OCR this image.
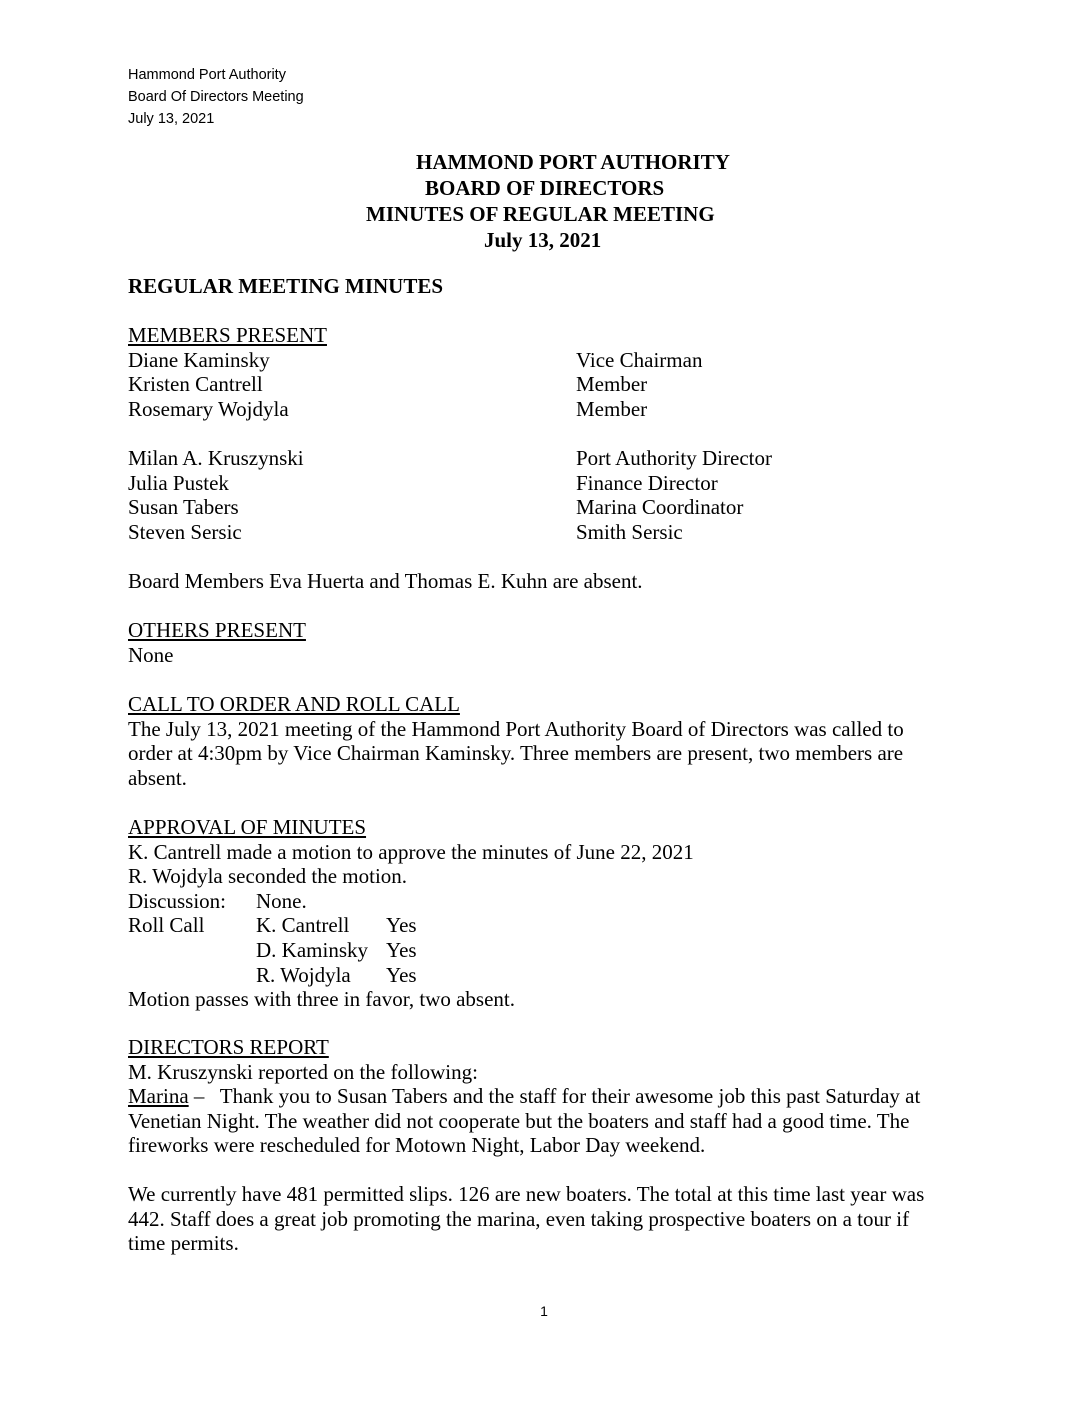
Hammond Port Authority
Board Of Directors Meeting
July 13, 2021
HAMMOND PORT AUTHORITY
BOARD OF DIRECTORS
MINUTES OF REGULAR MEETING
July 13, 2021
REGULAR MEETING MINUTES
MEMBERS PRESENT
Diane Kaminsky	Vice Chairman
Kristen Cantrell	Member
Rosemary Wojdyla	Member
Milan A. Kruszynski	Port Authority Director
Julia Pustek	Finance Director
Susan Tabers	Marina Coordinator
Steven Sersic	Smith Sersic
Board Members Eva Huerta and Thomas E. Kuhn are absent.
OTHERS PRESENT
None
CALL TO ORDER AND ROLL CALL
The July 13, 2021 meeting of the Hammond Port Authority Board of Directors was called to
order at 4:30pm by Vice Chairman Kaminsky. Three members are present, two members are
absent.
APPROVAL OF MINUTES
K. Cantrell made a motion to approve the minutes of June 22, 2021
R. Wojdyla seconded the motion.
Discussion:	None.
Roll Call	K. Cantrell	Yes
D. Kaminsky Yes
R. Wojdyla	Yes
Motion passes with three in favor, two absent.
DIRECTORS REPORT
M. Kruszynski reported on the following:
Marina –   Thank you to Susan Tabers and the staff for their awesome job this past Saturday at
Venetian Night. The weather did not cooperate but the boaters and staff had a good time. The
fireworks were rescheduled for Motown Night, Labor Day weekend.
We currently have 481 permitted slips. 126 are new boaters. The total at this time last year was
442. Staff does a great job promoting the marina, even taking prospective boaters on a tour if
time permits.
1
